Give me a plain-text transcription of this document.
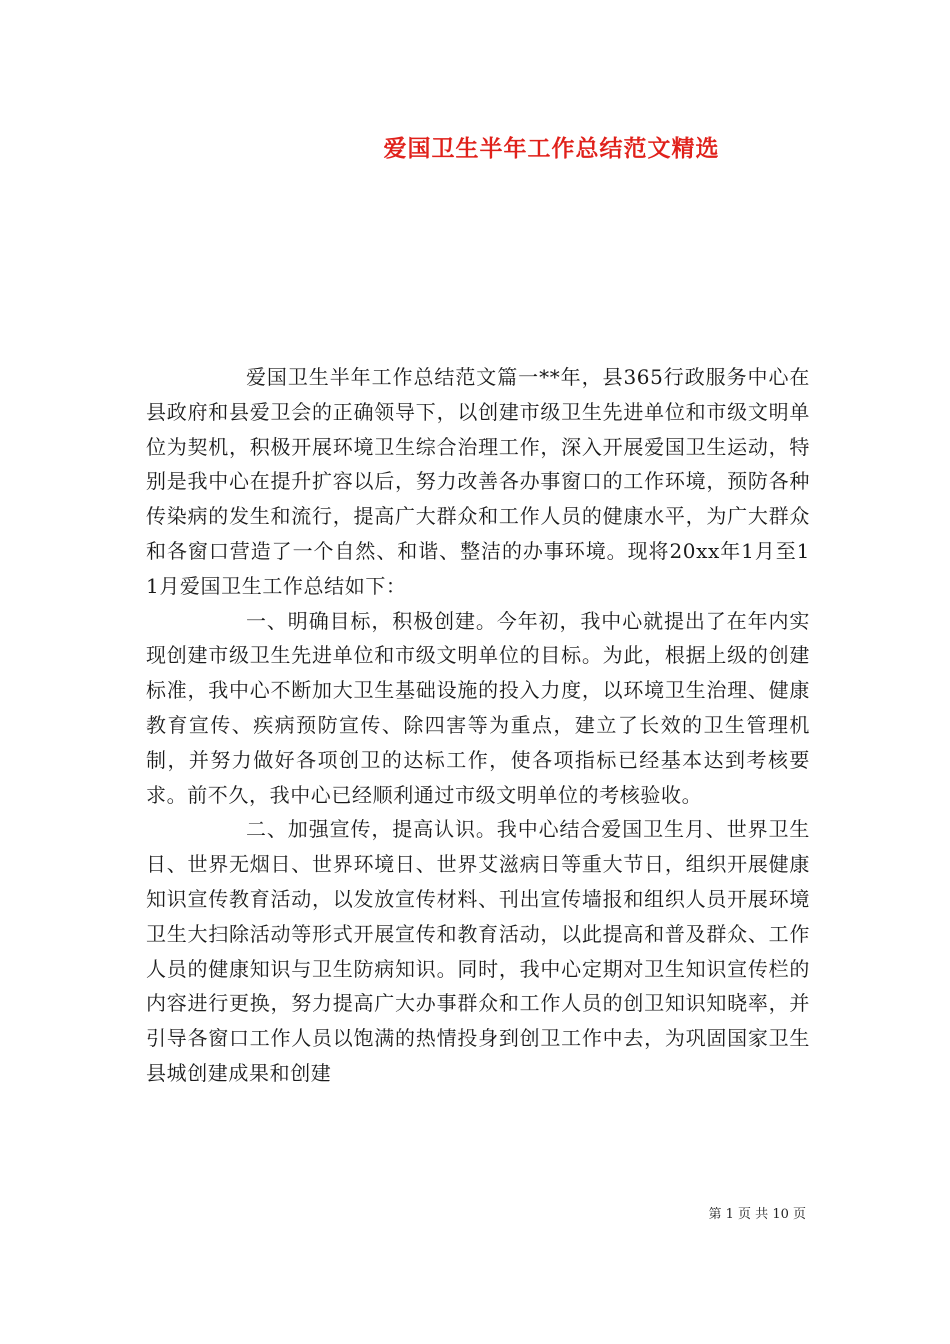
爱国卫生半年工作总结范文精选

爱国卫生半年工作总结范文篇一**年，县365行政服务中心在县政府和县爱卫会的正确领导下，以创建市级卫生先进单位和市级文明单位为契机，积极开展环境卫生综合治理工作，深入开展爱国卫生运动，特别是我中心在提升扩容以后，努力改善各办事窗口的工作环境，预防各种传染病的发生和流行，提高广大群众和工作人员的健康水平，为广大群众和各窗口营造了一个自然、和谐、整洁的办事环境。现将20xx年1月至11月爱国卫生工作总结如下：

一、明确目标，积极创建。今年初，我中心就提出了在年内实现创建市级卫生先进单位和市级文明单位的目标。为此，根据上级的创建标准，我中心不断加大卫生基础设施的投入力度，以环境卫生治理、健康教育宣传、疾病预防宣传、除四害等为重点，建立了长效的卫生管理机制，并努力做好各项创卫的达标工作，使各项指标已经基本达到考核要求。前不久，我中心已经顺利通过市级文明单位的考核验收。

二、加强宣传，提高认识。我中心结合爱国卫生月、世界卫生日、世界无烟日、世界环境日、世界艾滋病日等重大节日，组织开展健康知识宣传教育活动，以发放宣传材料、刊出宣传墙报和组织人员开展环境卫生大扫除活动等形式开展宣传和教育活动，以此提高和普及群众、工作人员的健康知识与卫生防病知识。同时，我中心定期对卫生知识宣传栏的内容进行更换，努力提高广大办事群众和工作人员的创卫知识知晓率，并引导各窗口工作人员以饱满的热情投身到创卫工作中去，为巩固国家卫生县城创建成果和创建

第 1 页 共 10 页
